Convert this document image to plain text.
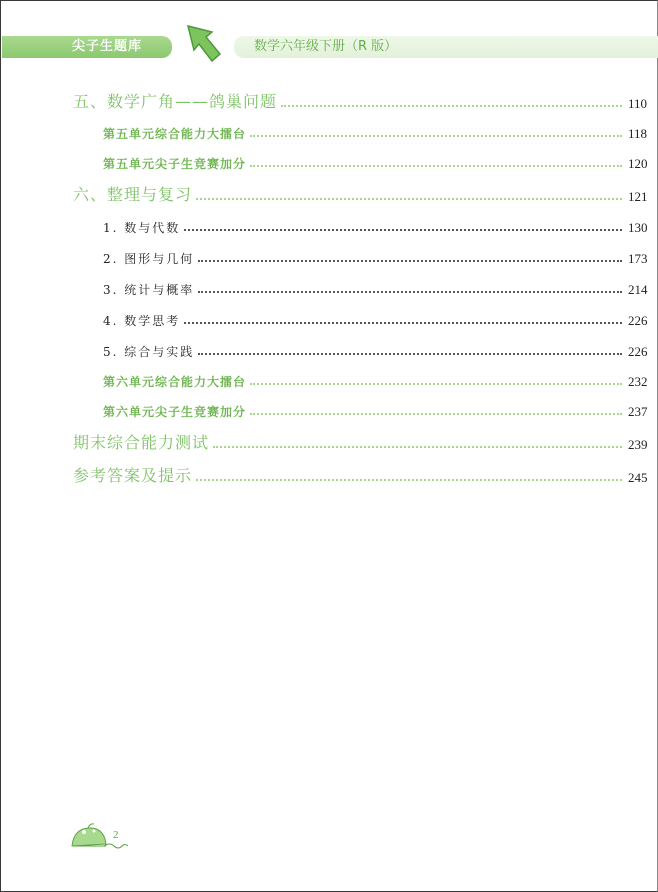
尖子生题库	数学六年级下册（R 版）
五、数学广角——鸽巢问题	110
第五单元综合能力大擂台	118
第五单元尖子生竞赛加分	120
六、整理与复习	121
1. 数与代数	130
2. 图形与几何	173
3. 统计与概率	214
4. 数学思考	226
5. 综合与实践	226
第六单元综合能力大擂台	232
第六单元尖子生竞赛加分	237
期末综合能力测试	239
参考答案及提示	245
2
